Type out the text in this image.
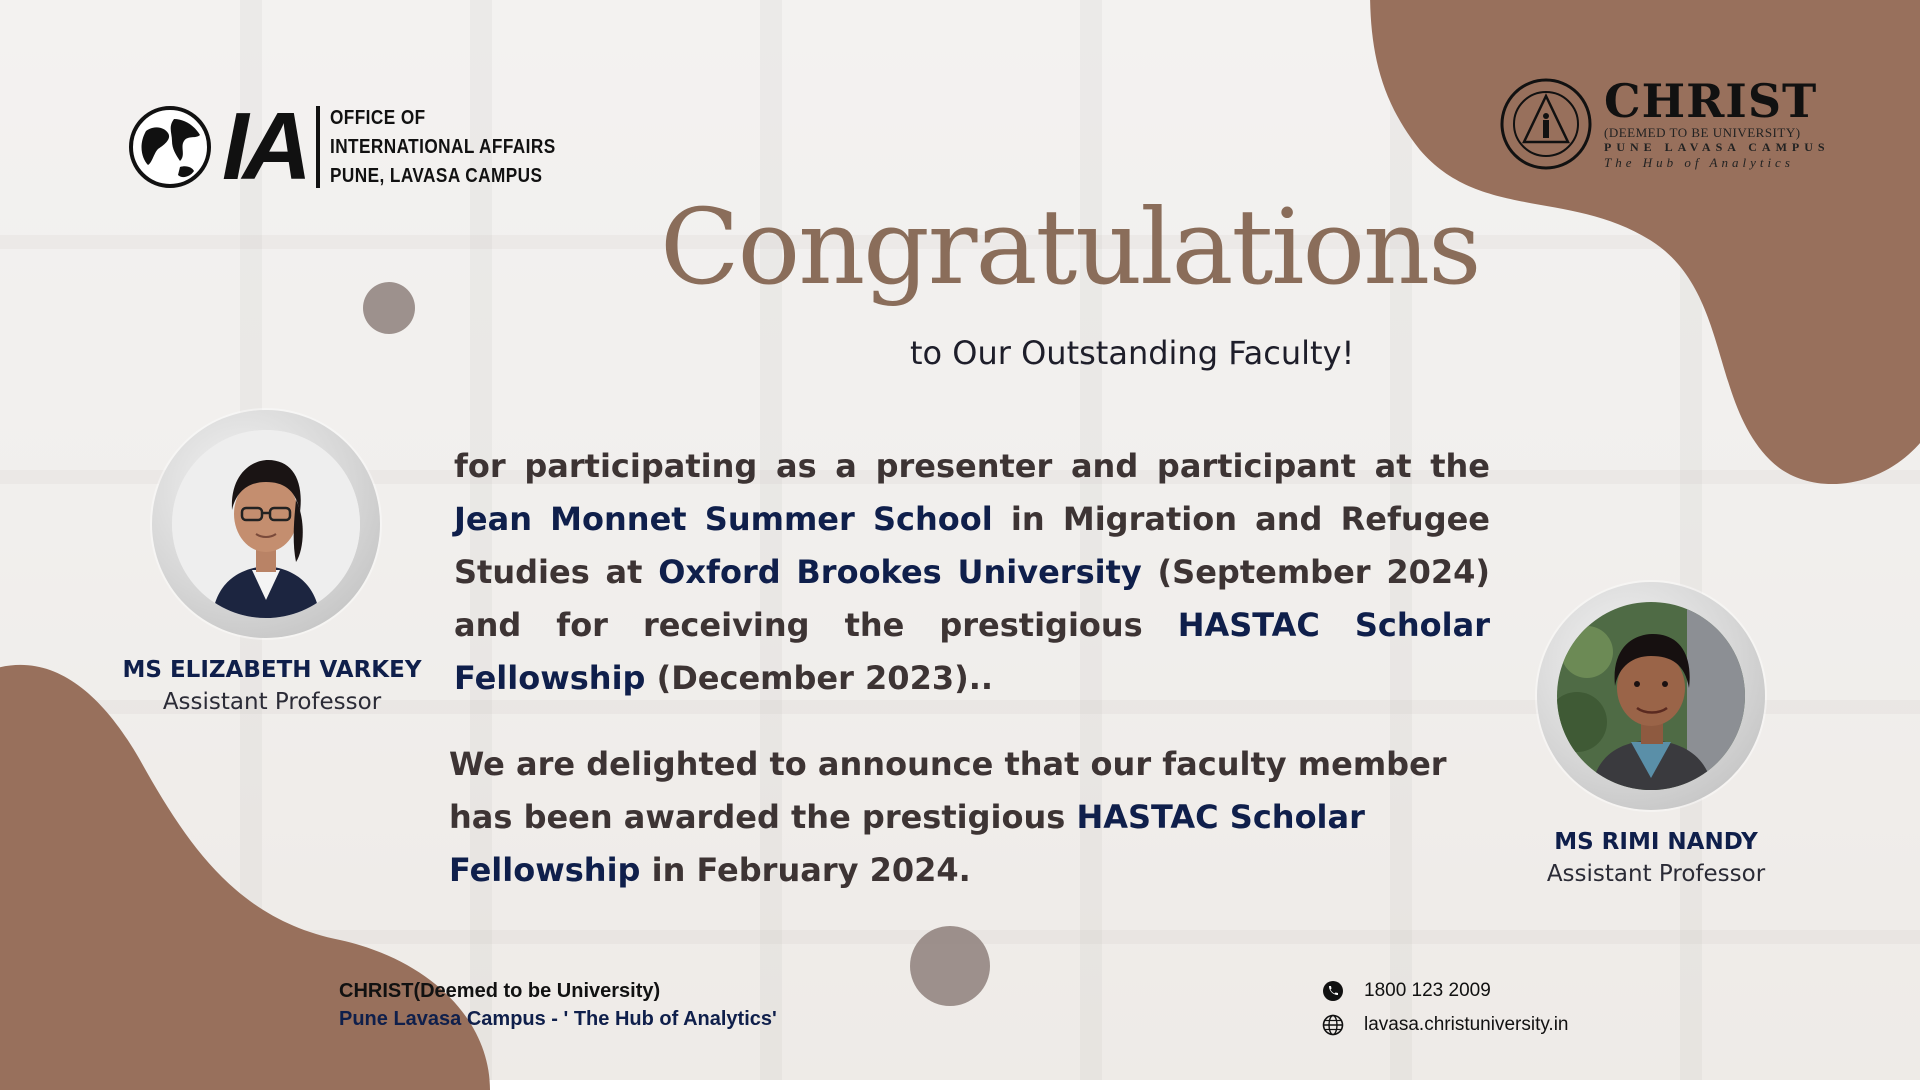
IA OFFICE OF
INTERNATIONAL AFFAIRS
PUNE, LAVASA CAMPUS
CHRIST
(DEEMED TO BE UNIVERSITY)
PUNE LAVASA CAMPUS
The Hub of Analytics
Congratulations
to Our Outstanding Faculty!
for participating as a presenter and participant at the Jean Monnet Summer School in Migration and Refugee Studies at Oxford Brookes University (September 2024) and for receiving the prestigious HASTAC Scholar Fellowship (December 2023)..
We are delighted to announce that our faculty member has been awarded the prestigious HASTAC Scholar Fellowship in February 2024.
MS ELIZABETH VARKEY
Assistant Professor
MS RIMI NANDY
Assistant Professor
CHRIST(Deemed to be University)
Pune Lavasa Campus - ' The Hub of Analytics'
1800 123 2009
lavasa.christuniversity.in
